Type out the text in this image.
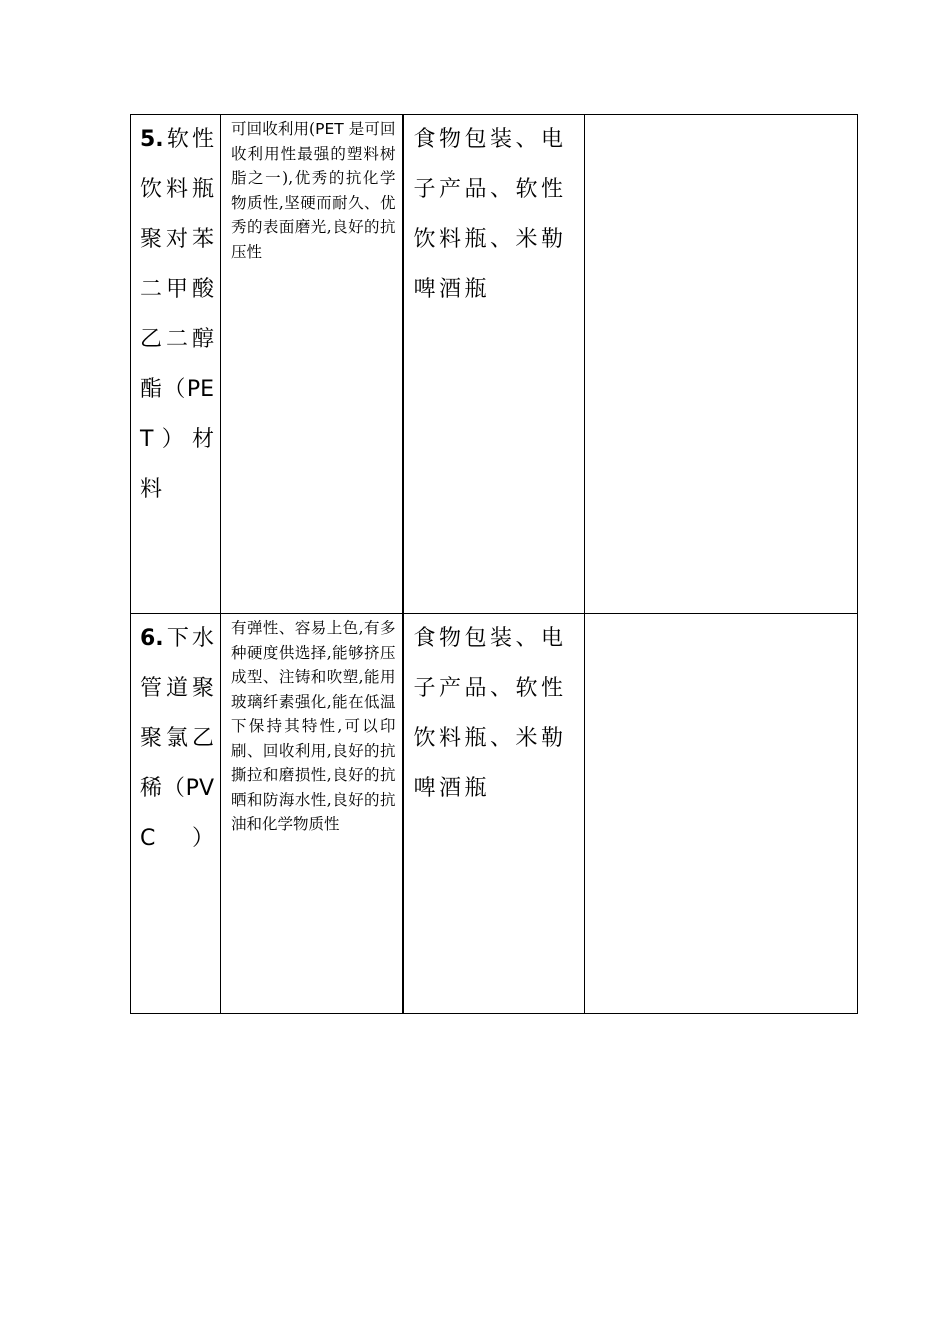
5.软性饮料瓶聚对苯二甲酸乙二醇酯（PET）材料	可回收利用(PET 是可回收利用性最强的塑料树脂之一),优秀的抗化学物质性,坚硬而耐久、优秀的表面磨光,良好的抗压性	食物包装、电子产品、软性饮料瓶、米勒啤酒瓶	
6.下水管道聚聚氯乙稀（PVC）	有弹性、容易上色,有多种硬度供选择,能够挤压成型、注铸和吹塑,能用玻璃纤素强化,能在低温下保持其特性,可以印刷、回收利用,良好的抗撕拉和磨损性,良好的抗晒和防海水性,良好的抗油和化学物质性	食物包装、电子产品、软性饮料瓶、米勒啤酒瓶	
